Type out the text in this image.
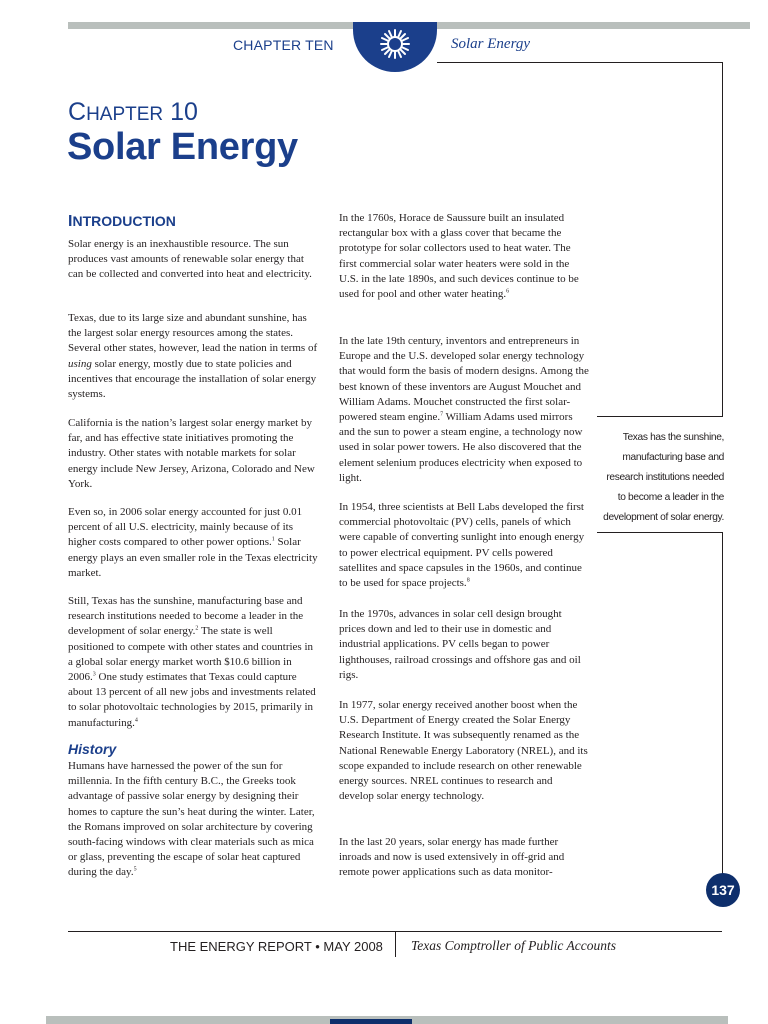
CHAPTER TEN	Solar Energy
CHAPTER 10
Solar Energy
INTRODUCTION
Solar energy is an inexhaustible resource. The sun produces vast amounts of renewable solar energy that can be collected and converted into heat and electricity.
Texas, due to its large size and abundant sunshine, has the largest solar energy resources among the states. Several other states, however, lead the nation in terms of using solar energy, mostly due to state policies and incentives that encourage the installation of solar energy systems.
California is the nation’s largest solar energy market by far, and has effective state initiatives promoting the industry. Other states with notable markets for solar energy include New Jersey, Arizona, Colorado and New York.
Even so, in 2006 solar energy accounted for just 0.01 percent of all U.S. electricity, mainly because of its higher costs compared to other power options.$^1$ Solar energy plays an even smaller role in the Texas electricity market.
Still, Texas has the sunshine, manufacturing base and research institutions needed to become a leader in the development of solar energy.$^2$ The state is well positioned to compete with other states and countries in a global solar energy market worth $10.6 billion in 2006.$^3$ One study estimates that Texas could capture about 13 percent of all new jobs and investments related to solar photovoltaic technologies by 2015, primarily in manufacturing.$^4$
History
Humans have harnessed the power of the sun for millennia. In the fifth century B.C., the Greeks took advantage of passive solar energy by designing their homes to capture the sun’s heat during the winter. Later, the Romans improved on solar architecture by covering south-facing windows with clear materials such as mica or glass, preventing the escape of solar heat captured during the day.$^5$
In the 1760s, Horace de Saussure built an insulated rectangular box with a glass cover that became the prototype for solar collectors used to heat water. The first commercial solar water heaters were sold in the U.S. in the late 1890s, and such devices continue to be used for pool and other water heating.$^6$
In the late 19th century, inventors and entrepreneurs in Europe and the U.S. developed solar energy technology that would form the basis of modern designs. Among the best known of these inventors are August Mouchet and William Adams. Mouchet constructed the first solar-powered steam engine.$^7$ William Adams used mirrors and the sun to power a steam engine, a technology now used in solar power towers. He also discovered that the element selenium produces electricity when exposed to light.
In 1954, three scientists at Bell Labs developed the first commercial photovoltaic (PV) cells, panels of which were capable of converting sunlight into enough energy to power electrical equipment. PV cells powered satellites and space capsules in the 1960s, and continue to be used for space projects.$^8$
In the 1970s, advances in solar cell design brought prices down and led to their use in domestic and industrial applications. PV cells began to power lighthouses, railroad crossings and offshore gas and oil rigs.
In 1977, solar energy received another boost when the U.S. Department of Energy created the Solar Energy Research Institute. It was subsequently renamed as the National Renewable Energy Laboratory (NREL), and its scope expanded to include research on other renewable energy sources. NREL continues to research and develop solar energy technology.
In the last 20 years, solar energy has made further inroads and now is used extensively in off-grid and remote power applications such as data monitor-
Texas has the sunshine, manufacturing base and research institutions needed to become a leader in the development of solar energy.
137
THE ENERGY REPORT • MAY 2008 Texas Comptroller of Public Accounts
